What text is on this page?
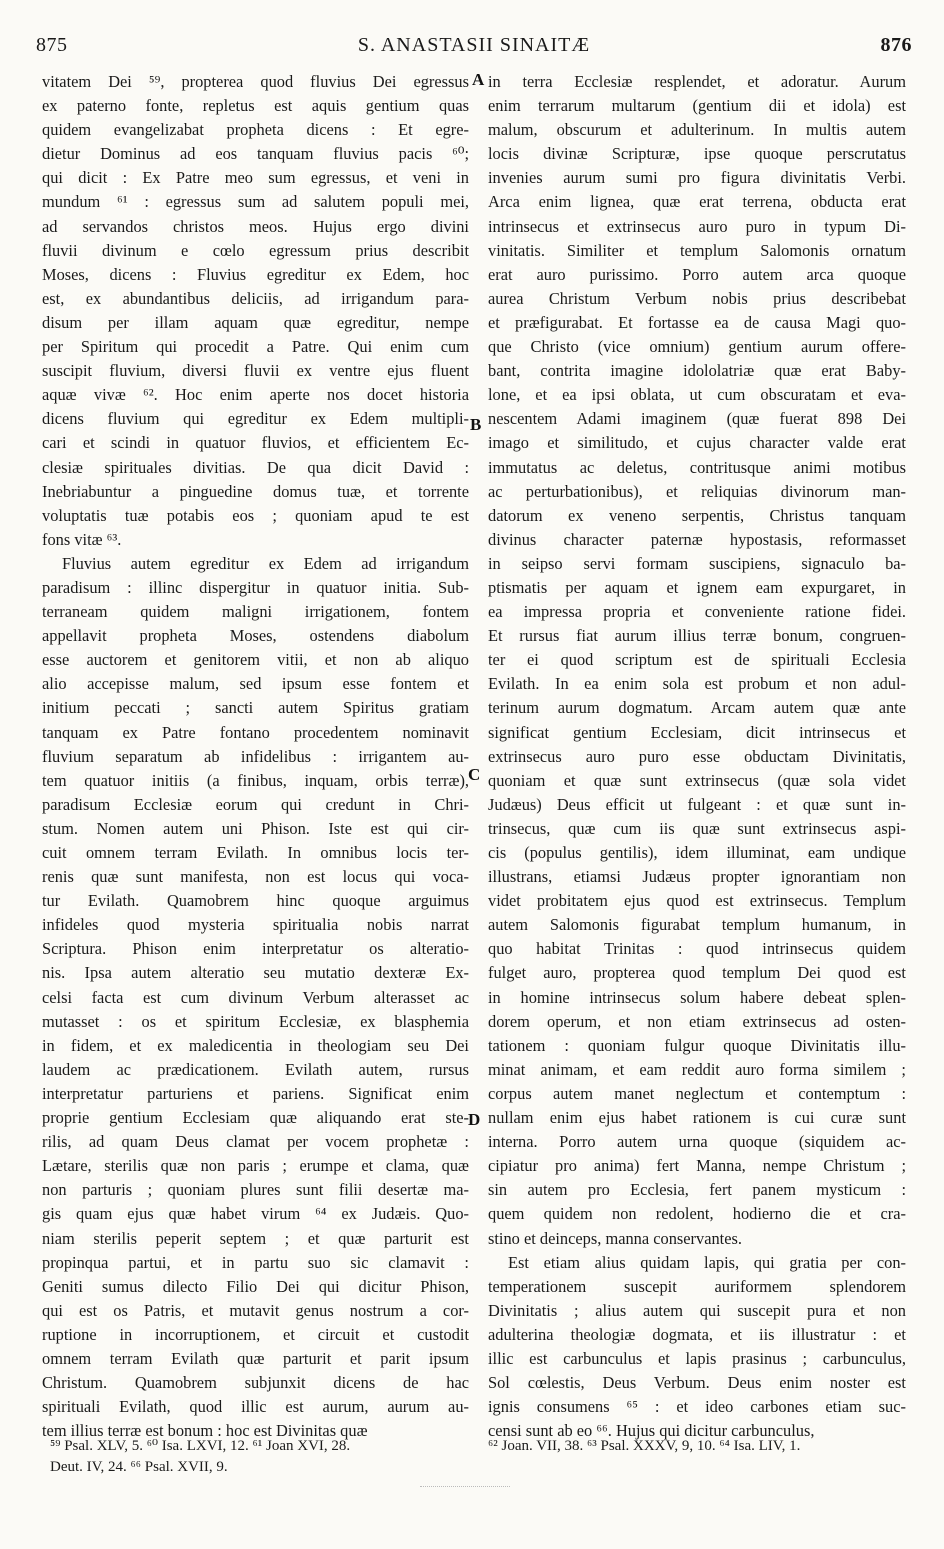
875	S. ANASTASII SINAITÆ	876
vitatem Dei ⁵⁹, propterea quod fluvius Dei egressus
ex paterno fonte, repletus est aquis gentium quas
quidem evangelizabat propheta dicens : Et egre-
dietur Dominus ad eos tanquam fluvius pacis ⁶⁰;
qui dicit : Ex Patre meo sum egressus, et veni in
mundum ⁶¹ : egressus sum ad salutem populi mei,
ad servandos christos meos. Hujus ergo divini
fluvii divinum e cœlo egressum prius describit
Moses, dicens : Fluvius egreditur ex Edem, hoc
est, ex abundantibus deliciis, ad irrigandum para-
disum per illam aquam quæ egreditur, nempe
per Spiritum qui procedit a Patre. Qui enim cum
suscipit fluvium, diversi fluvii ex ventre ejus fluent
aquæ vivæ ⁶². Hoc enim aperte nos docet historia
dicens fluvium qui egreditur ex Edem multipli-
cari et scindi in quatuor fluvios, et efficientem Ec-
clesiæ spirituales divitias. De qua dicit David :
Inebriabuntur a pinguedine domus tuæ, et torrente
voluptatis tuæ potabis eos ; quoniam apud te est
fons vitæ ⁶³.
Fluvius autem egreditur ex Edem ad irrigandum
paradisum : illinc dispergitur in quatuor initia. Sub-
terraneam quidem maligni irrigationem, fontem
appellavit propheta Moses, ostendens diabolum
esse auctorem et genitorem vitii, et non ab aliquo
alio accepisse malum, sed ipsum esse fontem et
initium peccati ; sancti autem Spiritus gratiam
tanquam ex Patre fontano procedentem nominavit
fluvium separatum ab infidelibus : irrigantem au-
tem quatuor initiis (a finibus, inquam, orbis terræ),
paradisum Ecclesiæ eorum qui credunt in Chri-
stum. Nomen autem uni Phison. Iste est qui cir-
cuit omnem terram Evilath. In omnibus locis ter-
renis quæ sunt manifesta, non est locus qui voca-
tur Evilath. Quamobrem hinc quoque arguimus
infideles quod mysteria spiritualia nobis narrat
Scriptura. Phison enim interpretatur os alteratio-
nis. Ipsa autem alteratio seu mutatio dexteræ Ex-
celsi facta est cum divinum Verbum alterasset ac
mutasset : os et spiritum Ecclesiæ, ex blasphemia
in fidem, et ex maledicentia in theologiam seu Dei
laudem ac prædicationem. Evilath autem, rursus
interpretatur parturiens et pariens. Significat enim
proprie gentium Ecclesiam quæ aliquando erat ste-
rilis, ad quam Deus clamat per vocem prophetæ :
Lætare, sterilis quæ non paris ; erumpe et clama, quæ
non parturis ; quoniam plures sunt filii desertæ ma-
gis quam ejus quæ habet virum ⁶⁴ ex Judæis. Quo-
niam sterilis peperit septem ; et quæ parturit est
propinqua partui, et in partu suo sic clamavit :
Geniti sumus dilecto Filio Dei qui dicitur Phison,
qui est os Patris, et mutavit genus nostrum a cor-
ruptione in incorruptionem, et circuit et custodit
omnem terram Evilath quæ parturit et parit ipsum
Christum. Quamobrem subjunxit dicens de hac
spirituali Evilath, quod illic est aurum, aurum au-
tem illius terræ est bonum : hoc est Divinitas quæ
in terra Ecclesiæ resplendet, et adoratur. Aurum
enim terrarum multarum (gentium dii et idola) est
malum, obscurum et adulterinum. In multis autem
locis divinæ Scripturæ, ipse quoque perscrutatus
invenies aurum sumi pro figura divinitatis Verbi.
Arca enim lignea, quæ erat terrena, obducta erat
intrinsecus et extrinsecus auro puro in typum Di-
vinitatis. Similiter et templum Salomonis ornatum
erat auro purissimo. Porro autem arca quoque
aurea Christum Verbum nobis prius describebat
et præfigurabat. Et fortasse ea de causa Magi quo-
que Christo (vice omnium) gentium aurum offere-
bant, contrita imagine idololatriæ quæ erat Baby-
lone, et ea ipsi oblata, ut cum obscuratam et eva-
nescentem Adami imaginem (quæ fuerat 898 Dei
imago et similitudo, et cujus character valde erat
immutatus ac deletus, contritusque animi motibus
ac perturbationibus), et reliquias divinorum man-
datorum ex veneno serpentis, Christus tanquam
divinus character paternæ hypostasis, reformasset
in seipso servi formam suscipiens, signaculo ba-
ptismatis per aquam et ignem eam expurgaret, in
ea impressa propria et conveniente ratione fidei.
Et rursus fiat aurum illius terræ bonum, congruen-
ter ei quod scriptum est de spirituali Ecclesia
Evilath. In ea enim sola est probum et non adul-
terinum aurum dogmatum. Arcam autem quæ ante
significat gentium Ecclesiam, dicit intrinsecus et
extrinsecus auro puro esse obductam Divinitatis,
quoniam et quæ sunt extrinsecus (quæ sola videt
Judæus) Deus efficit ut fulgeant : et quæ sunt in-
trinsecus, quæ cum iis quæ sunt extrinsecus aspi-
cis (populus gentilis), idem illuminat, eam undique
illustrans, etiamsi Judæus propter ignorantiam non
videt probitatem ejus quod est extrinsecus. Templum
autem Salomonis figurabat templum humanum, in
quo habitat Trinitas : quod intrinsecus quidem
fulget auro, propterea quod templum Dei quod est
in homine intrinsecus solum habere debeat splen-
dorem operum, et non etiam extrinsecus ad osten-
tationem : quoniam fulgur quoque Divinitatis illu-
minat animam, et eam reddit auro forma similem ;
corpus autem manet neglectum et contemptum :
nullam enim ejus habet rationem is cui curæ sunt
interna. Porro autem urna quoque (siquidem ac-
cipiatur pro anima) fert Manna, nempe Christum ;
sin autem pro Ecclesia, fert panem mysticum :
quem quidem non redolent, hodierno die et cra-
stino et deinceps, manna conservantes.
Est etiam alius quidam lapis, qui gratia per con-
temperationem suscepit auriformem splendorem
Divinitatis ; alius autem qui suscepit pura et non
adulterina theologiæ dogmata, et iis illustratur : et
illic est carbunculus et lapis prasinus ; carbunculus,
Sol cœlestis, Deus Verbum. Deus enim noster est
ignis consumens ⁶⁵ : et ideo carbones etiam suc-
censi sunt ab eo ⁶⁶. Hujus qui dicitur carbunculus,
A
B
C
D
⁵⁹ Psal. XLV, 5. ⁶⁰ Isa. LXVI, 12. ⁶¹ Joan XVI, 28.
Deut. IV, 24. ⁶⁶ Psal. XVII, 9.
⁶² Joan. VII, 38. ⁶³ Psal. XXXV, 9, 10. ⁶⁴ Isa. LIV, 1.
